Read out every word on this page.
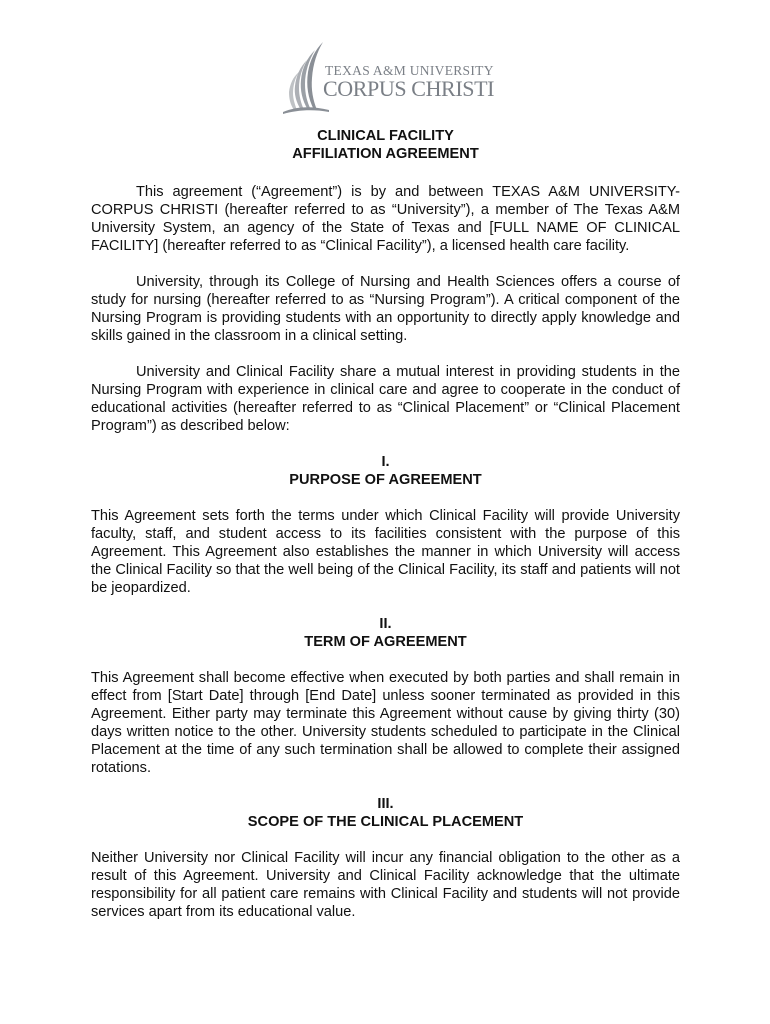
TEXAS A&M UNIVERSITY
CORPUS CHRISTI
CLINICAL FACILITY
AFFILIATION AGREEMENT

This agreement (“Agreement”) is by and between TEXAS A&M UNIVERSITY-CORPUS CHRISTI (hereafter referred to as “University”), a member of The Texas A&M University System, an agency of the State of Texas and [FULL NAME OF CLINICAL FACILITY] (hereafter referred to as “Clinical Facility”), a licensed health care facility.

University, through its College of Nursing and Health Sciences offers a course of study for nursing (hereafter referred to as “Nursing Program”). A critical component of the Nursing Program is providing students with an opportunity to directly apply knowledge and skills gained in the classroom in a clinical setting.

University and Clinical Facility share a mutual interest in providing students in the Nursing Program with experience in clinical care and agree to cooperate in the conduct of educational activities (hereafter referred to as “Clinical Placement” or “Clinical Placement Program”) as described below:

I.
PURPOSE OF AGREEMENT

This Agreement sets forth the terms under which Clinical Facility will provide University faculty, staff, and student access to its facilities consistent with the purpose of this Agreement. This Agreement also establishes the manner in which University will access the Clinical Facility so that the well being of the Clinical Facility, its staff and patients will not be jeopardized.

II.
TERM OF AGREEMENT

This Agreement shall become effective when executed by both parties and shall remain in effect from [Start Date] through [End Date] unless sooner terminated as provided in this Agreement. Either party may terminate this Agreement without cause by giving thirty (30) days written notice to the other. University students scheduled to participate in the Clinical Placement at the time of any such termination shall be allowed to complete their assigned rotations.

III.
SCOPE OF THE CLINICAL PLACEMENT

Neither University nor Clinical Facility will incur any financial obligation to the other as a result of this Agreement. University and Clinical Facility acknowledge that the ultimate responsibility for all patient care remains with Clinical Facility and students will not provide services apart from its educational value.
